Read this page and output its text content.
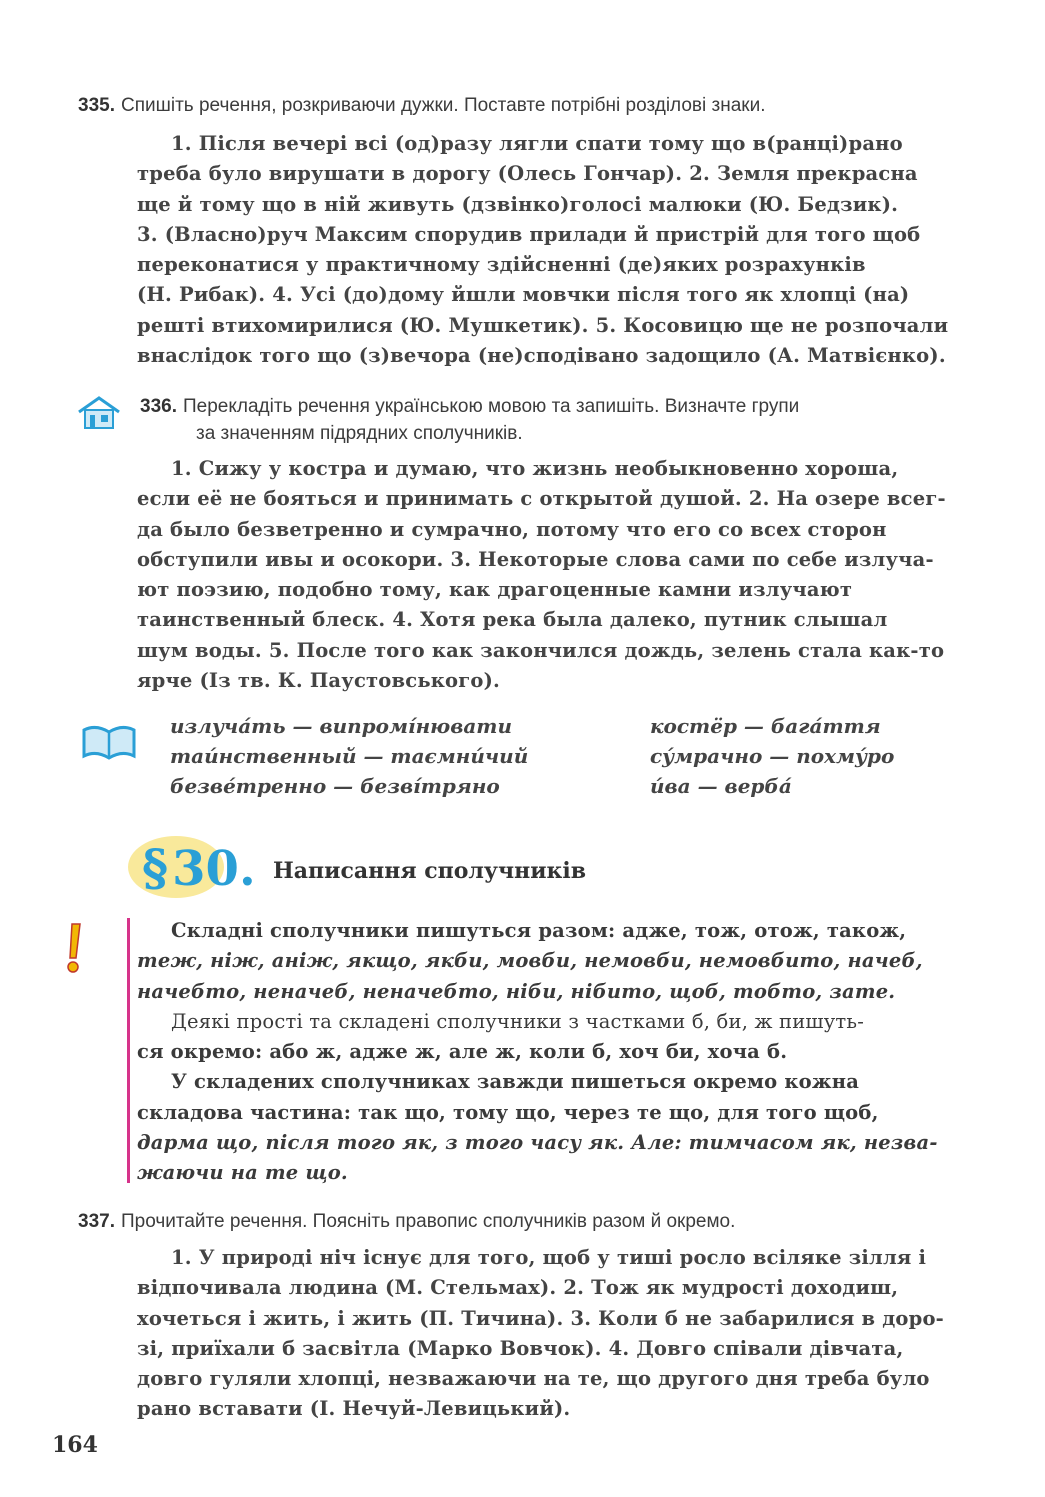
335. Спишіть речення, розкриваючи дужки. Поставте потрібні розділові знаки.
1. Після вечері всі (од)разу лягли спати тому що в(ранці)рано
треба було вирушати в дорогу (Олесь Гончар). 2. Земля прекрасна
ще й тому що в ній живуть (дзвінко)голосі малюки (Ю. Бедзик).
3. (Власно)руч Максим спорудив прилади й пристрій для того щоб
переконатися у практичному здійсненні (де)яких розрахунків
(Н. Рибак). 4. Усі (до)дому йшли мовчки після того як хлопці (на)
решті втихомирилися (Ю. Мушкетик). 5. Косовицю ще не розпочали
внаслідок того що (з)вечора (не)сподівано задощило (А. Матвієнко).
336. Перекладіть речення українською мовою та запишіть. Визначте групи
за значенням підрядних сполучників.
1. Сижу у костра и думаю, что жизнь необыкновенно хороша,
если её не бояться и принимать с открытой душой. 2. На озере всег-
да было безветренно и сумрачно, потому что его со всех сторон
обступили ивы и осокори. 3. Некоторые слова сами по себе излуча-
ют поэзию, подобно тому, как драгоценные камни излучают
таинственный блеск. 4. Хотя река была далеко, путник слышал
шум воды. 5. После того как закончился дождь, зелень стала как-то
ярче (Із тв. К. Паустовського).
излуча́ть — випромі́нювати
таи́нственный — таємни́чий
безве́тренно — безві́тряно
костёр — бага́ття
су́мрачно — похму́ро
и́ва — верба́
§30. Написання сполучників
Складні сполучники пишуться разом: адже, тож, отож, також,
теж, ніж, аніж, якщо, якби, мовби, немовби, немовбито, начеб,
начебто, неначеб, неначебто, ніби, нібито, щоб, тобто, зате.
Деякі прості та складені сполучники з частками б, би, ж пишуть-
ся окремо: або ж, адже ж, але ж, коли б, хоч би, хоча б.
У складених сполучниках завжди пишеться окремо кожна
складова частина: так що, тому що, через те що, для того щоб,
дарма що, після того як, з того часу як. Але: тимчасом як, незва-
жаючи на те що.
337. Прочитайте речення. Поясніть правопис сполучників разом й окремо.
1. У природі ніч існує для того, щоб у тиші росло всіляке зілля і
відпочивала людина (М. Стельмах). 2. Тож як мудрості доходиш,
хочеться і жить, і жить (П. Тичина). 3. Коли б не забарилися в доро-
зі, приїхали б засвітла (Марко Вовчок). 4. Довго співали дівчата,
довго гуляли хлопці, незважаючи на те, що другого дня треба було
рано вставати (І. Нечуй-Левицький).
164
